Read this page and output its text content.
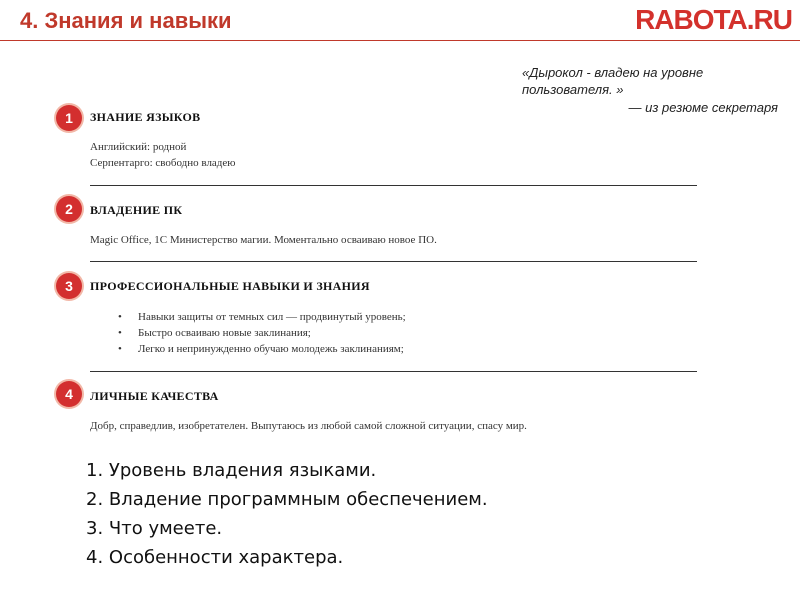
4. Знания и навыки	RABOTA.RU
«Дырокол - владею на уровне пользователя. »
— из резюме секретаря
1	ЗНАНИЕ ЯЗЫКОВ
Английский: родной
Серпентарго: свободно владею
2	ВЛАДЕНИЕ ПК
Magic Office, 1С Министерство магии. Моментально осваиваю новое ПО.
3	ПРОФЕССИОНАЛЬНЫЕ НАВЫКИ И ЗНАНИЯ
• Навыки защиты от темных сил — продвинутый уровень;
• Быстро осваиваю новые заклинания;
• Легко и непринужденно обучаю молодежь заклинаниям;
4	ЛИЧНЫЕ КАЧЕСТВА
Добр, справедлив, изобретателен. Выпутаюсь из любой самой сложной ситуации, спасу мир.
1. Уровень владения языками.
2. Владение программным обеспечением.
3. Что умеете.
4. Особенности характера.
